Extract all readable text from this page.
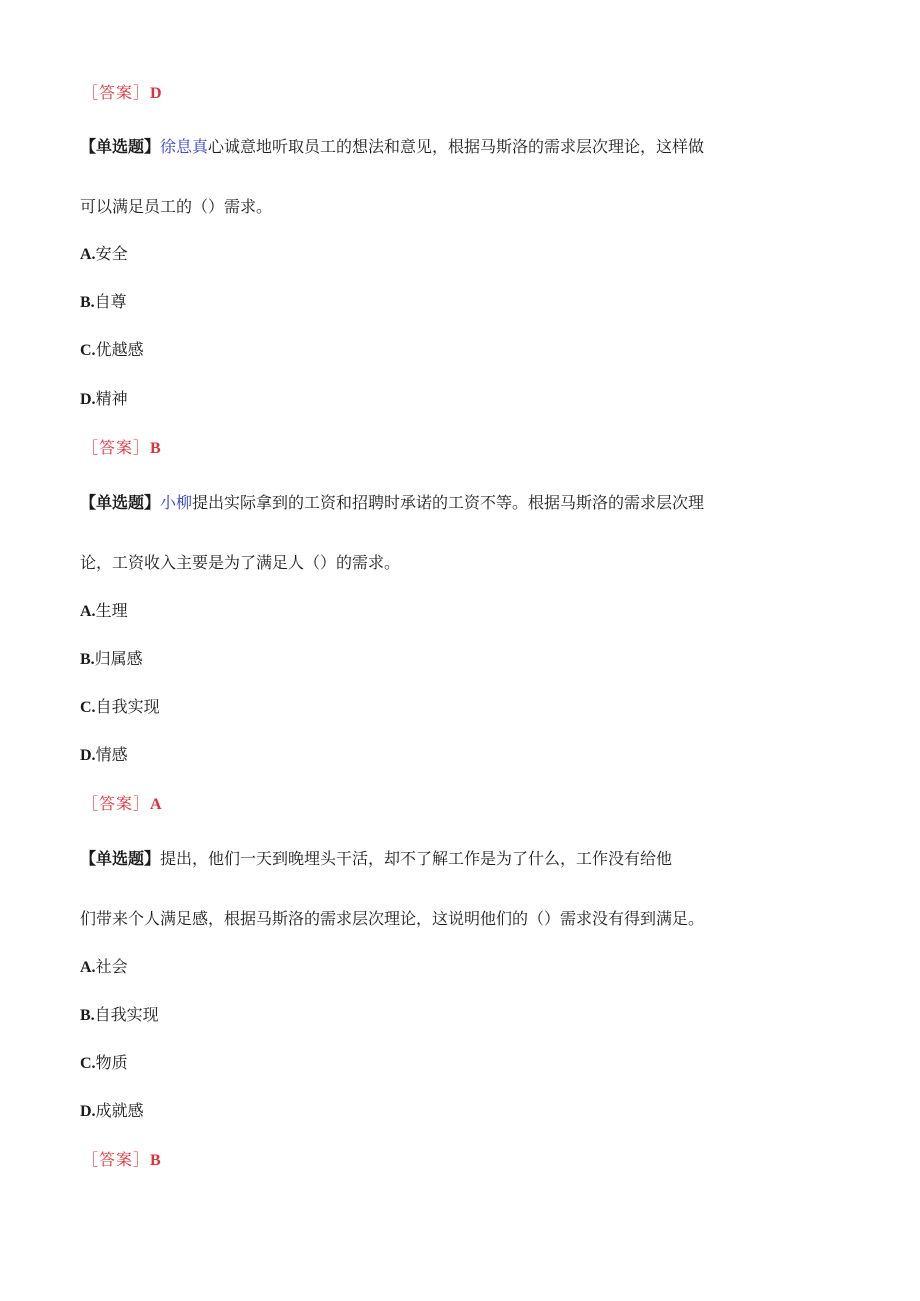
［答案］D
【单选题】徐息真心诚意地听取员工的想法和意见，根据马斯洛的需求层次理论，这样做
可以满足员工的（）需求。
A.安全
B.自尊
C.优越感
D.精神
［答案］B
【单选题】小柳提出实际拿到的工资和招聘时承诺的工资不等。根据马斯洛的需求层次理
论，工资收入主要是为了满足人（）的需求。
A.生理
B.归属感
C.自我实现
D.情感
［答案］A
【单选题】提出，他们一天到晚埋头干活，却不了解工作是为了什么，工作没有给他
们带来个人满足感，根据马斯洛的需求层次理论，这说明他们的（）需求没有得到满足。
A.社会
B.自我实现
C.物质
D.成就感
［答案］B
